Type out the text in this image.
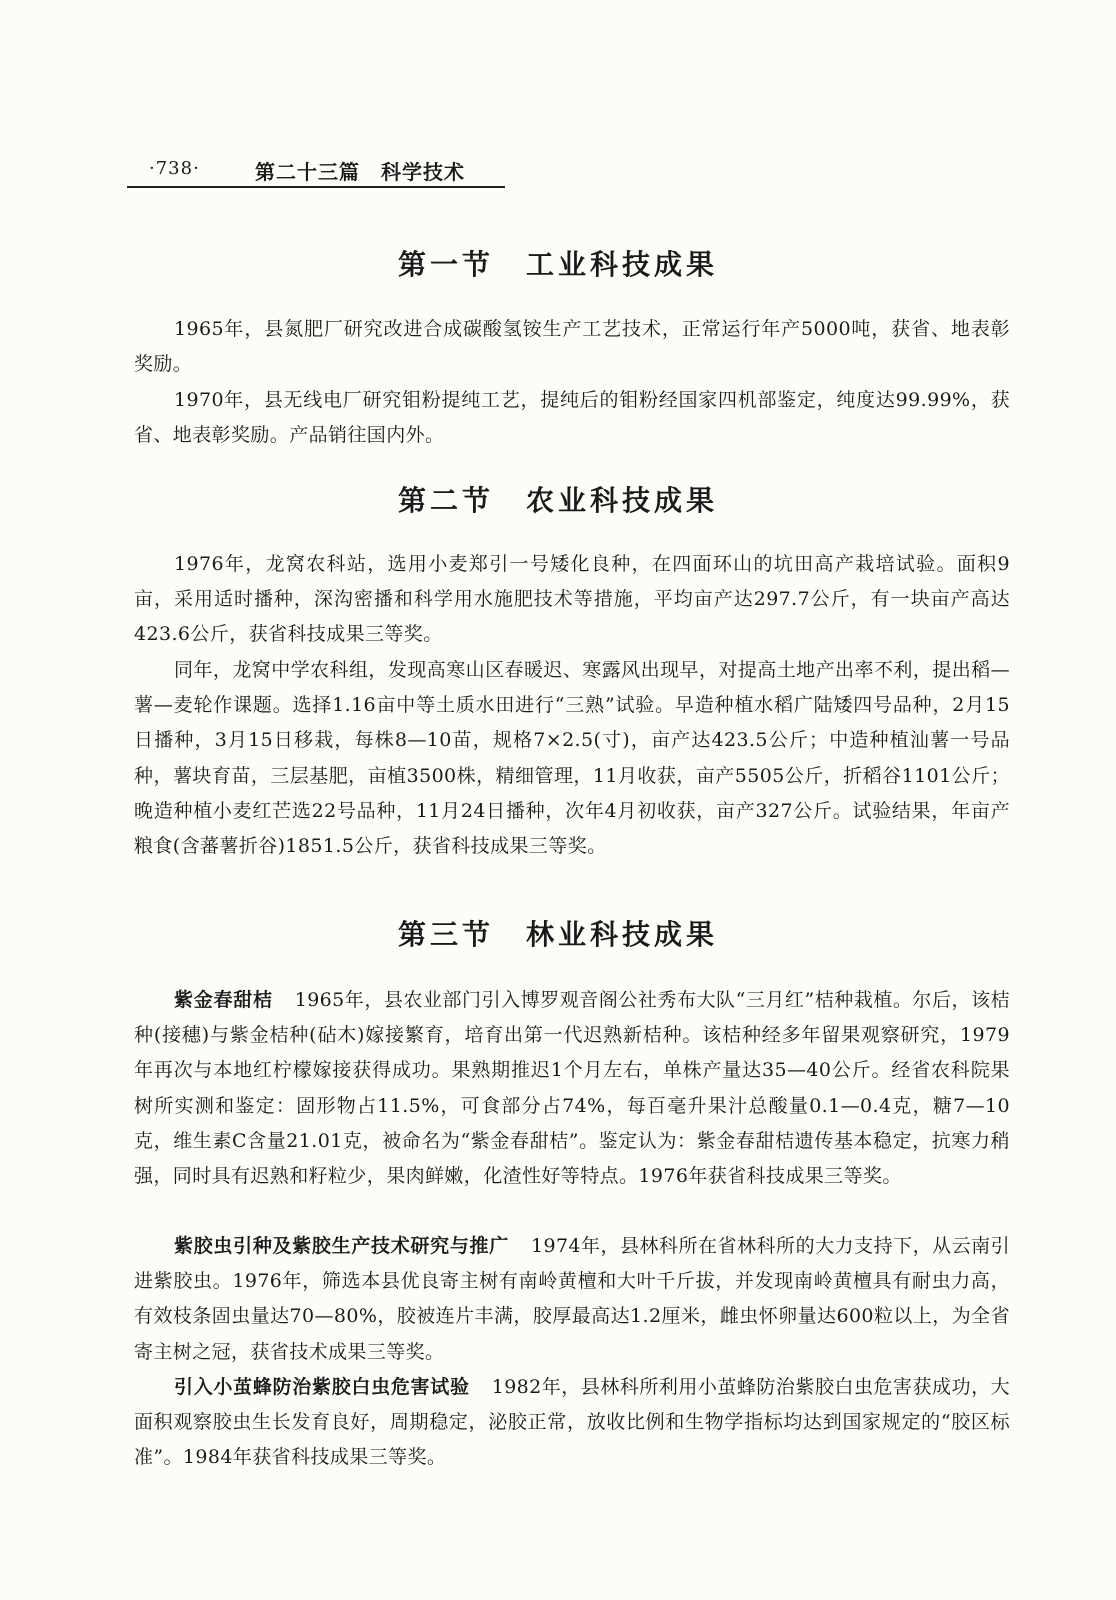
·738·	第二十三篇　科学技术
第一节　工业科技成果

1965年，县氮肥厂研究改进合成碳酸氢铵生产工艺技术，正常运行年产5000吨，获省、地表彰奖励。

1970年，县无线电厂研究钼粉提纯工艺，提纯后的钼粉经国家四机部鉴定，纯度达99.99%，获省、地表彰奖励。产品销往国内外。

第二节　农业科技成果

1976年，龙窝农科站，选用小麦郑引一号矮化良种，在四面环山的坑田高产栽培试验。面积9亩，采用适时播种，深沟密播和科学用水施肥技术等措施，平均亩产达297.7公斤，有一块亩产高达423.6公斤，获省科技成果三等奖。

同年，龙窝中学农科组，发现高寒山区春暖迟、寒露风出现早，对提高土地产出率不利，提出稻—薯—麦轮作课题。选择1.16亩中等土质水田进行“三熟”试验。早造种植水稻广陆矮四号品种，2月15日播种，3月15日移栽，每株8—10苗，规格7×2.5(寸)，亩产达423.5公斤；中造种植汕薯一号品种，薯块育苗，三层基肥，亩植3500株，精细管理，11月收获，亩产5505公斤，折稻谷1101公斤；晚造种植小麦红芒选22号品种，11月24日播种，次年4月初收获，亩产327公斤。试验结果，年亩产粮食(含蕃薯折谷)1851.5公斤，获省科技成果三等奖。

第三节　林业科技成果

紫金春甜桔 1965年，县农业部门引入博罗观音阁公社秀布大队“三月红”桔种栽植。尔后，该桔种(接穗)与紫金桔种(砧木)嫁接繁育，培育出第一代迟熟新桔种。该桔种经多年留果观察研究，1979年再次与本地红柠檬嫁接获得成功。果熟期推迟1个月左右，单株产量达35—40公斤。经省农科院果树所实测和鉴定：固形物占11.5%，可食部分占74%，每百毫升果汁总酸量0.1—0.4克，糖7—10克，维生素C含量21.01克，被命名为“紫金春甜桔”。鉴定认为：紫金春甜桔遗传基本稳定，抗寒力稍强，同时具有迟熟和籽粒少，果肉鲜嫩，化渣性好等特点。1976年获省科技成果三等奖。

紫胶虫引种及紫胶生产技术研究与推广 1974年，县林科所在省林科所的大力支持下，从云南引进紫胶虫。1976年，筛选本县优良寄主树有南岭黄檀和大叶千斤拔，并发现南岭黄檀具有耐虫力高，有效枝条固虫量达70—80%，胶被连片丰满，胶厚最高达1.2厘米，雌虫怀卵量达600粒以上，为全省寄主树之冠，获省技术成果三等奖。

引入小茧蜂防治紫胶白虫危害试验 1982年，县林科所利用小茧蜂防治紫胶白虫危害获成功，大面积观察胶虫生长发育良好，周期稳定，泌胶正常，放收比例和生物学指标均达到国家规定的“胶区标准”。1984年获省科技成果三等奖。
